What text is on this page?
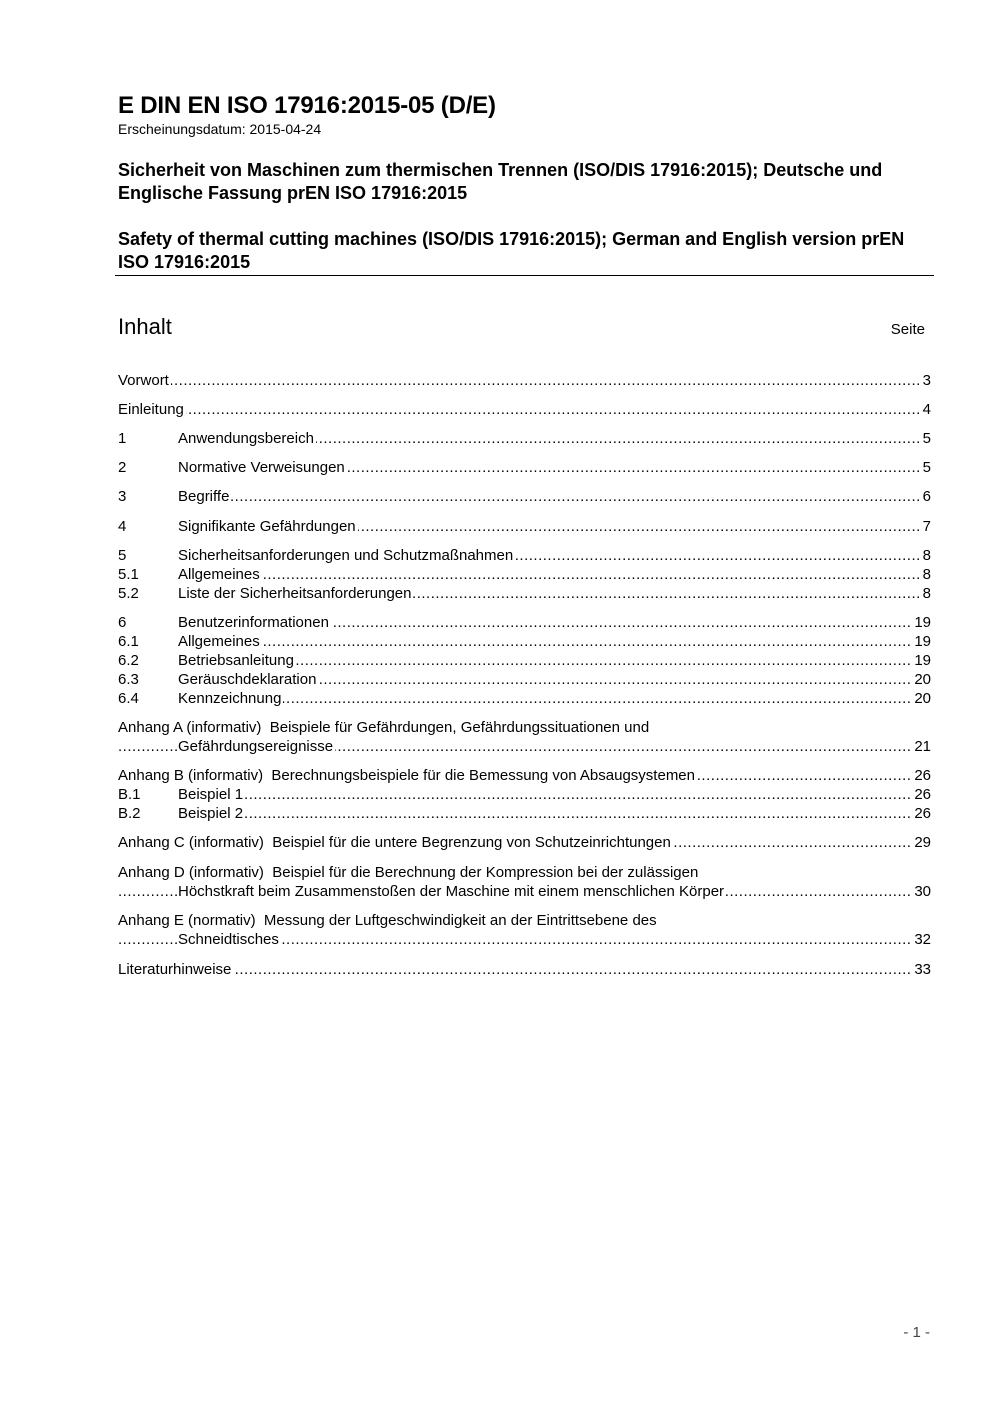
E DIN EN ISO 17916:2015-05 (D/E)
Erscheinungsdatum: 2015-04-24
Sicherheit von Maschinen zum thermischen Trennen (ISO/DIS 17916:2015); Deutsche und Englische Fassung prEN ISO 17916:2015
Safety of thermal cutting machines (ISO/DIS 17916:2015); German and English version prEN ISO 17916:2015
Inhalt	Seite
.....
Vorwort	3
.....
Einleitung	4
.....
1	Anwendungsbereich	5
.....
2	Normative Verweisungen	5
.....
3	Begriffe	6
.....
4	Signifikante Gefährdungen	7
.....
5	Sicherheitsanforderungen und Schutzmaßnahmen	8
.....
5.1	Allgemeines	8
.....
5.2	Liste der Sicherheitsanforderungen	8
.....
6	Benutzerinformationen	19
.....
6.1	Allgemeines	19
.....
6.2	Betriebsanleitung	19
.....
6.3	Geräuschdeklaration	20
.....
6.4	Kennzeichnung	20
Anhang A (informativ)  Beispiele für Gefährdungen, Gefährdungssituationen und
.....
Gefährdungsereignisse	21
.....
Anhang B (informativ)  Berechnungsbeispiele für die Bemessung von Absaugsystemen	26
.....
B.1	Beispiel 1	26
.....
B.2	Beispiel 2	26
.....
Anhang C (informativ)  Beispiel für die untere Begrenzung von Schutzeinrichtungen	29
Anhang D (informativ)  Beispiel für die Berechnung der Kompression bei der zulässigen
.....
Höchstkraft beim Zusammenstoßen der Maschine mit einem menschlichen Körper	30
Anhang E (normativ)  Messung der Luftgeschwindigkeit an der Eintrittsebene des
.....
Schneidtisches	32
.....
Literaturhinweise	33
- 1 -
